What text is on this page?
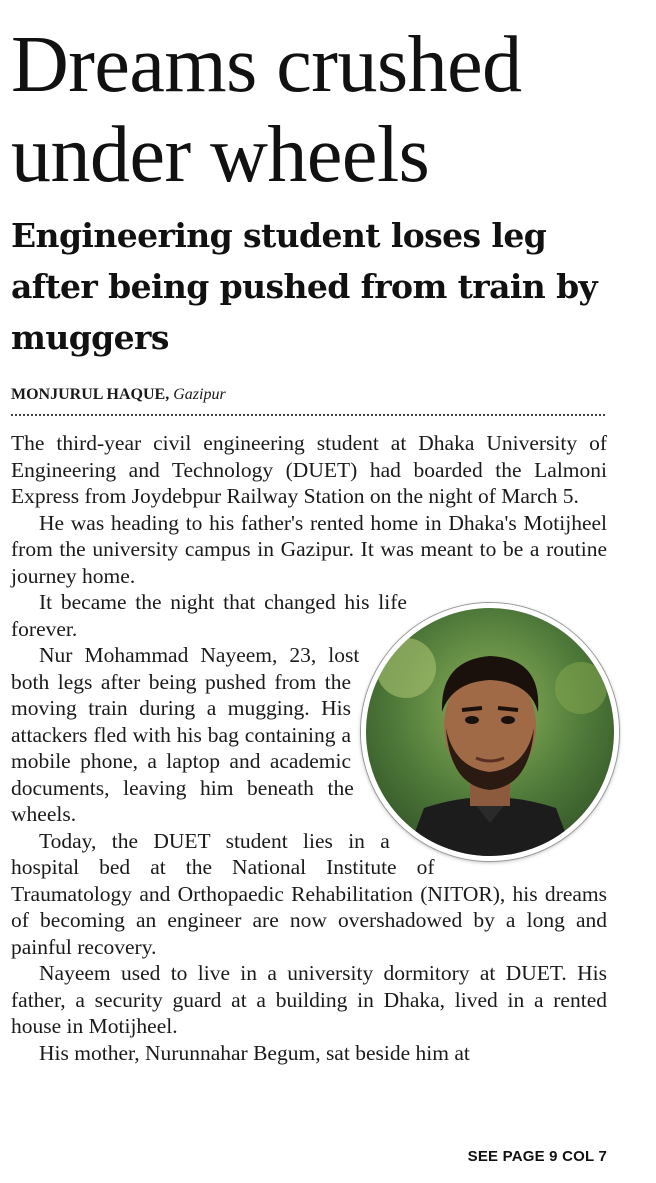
Dreams crushed
under wheels
Engineering student loses leg after being pushed from train by muggers
MONJURUL HAQUE, Gazipur

The third-year civil engineering student at Dhaka University of Engineering and Technology (DUET) had boarded the Lalmoni Express from Joydebpur Railway Station on the night of March 5.

He was heading to his father's rented home in Dhaka's Motijheel from the university campus in Gazipur. It was meant to be a routine journey home.

It became the night that changed his life forever.

Nur Mohammad Nayeem, 23, lost both legs after being pushed from the moving train during a mugging. His attackers fled with his bag containing a mobile phone, a laptop and academic documents, leaving him beneath the wheels.

Today, the DUET student lies in a hospital bed at the National Institute of Traumatology and Orthopaedic Rehabilitation (NITOR), his dreams of becoming an engineer are now overshadowed by a long and painful recovery.

Nayeem used to live in a university dormitory at DUET. His father, a security guard at a building in Dhaka, lived in a rented house in Motijheel.

His mother, Nurunnahar Begum, sat beside him at

SEE PAGE 9 COL 7
